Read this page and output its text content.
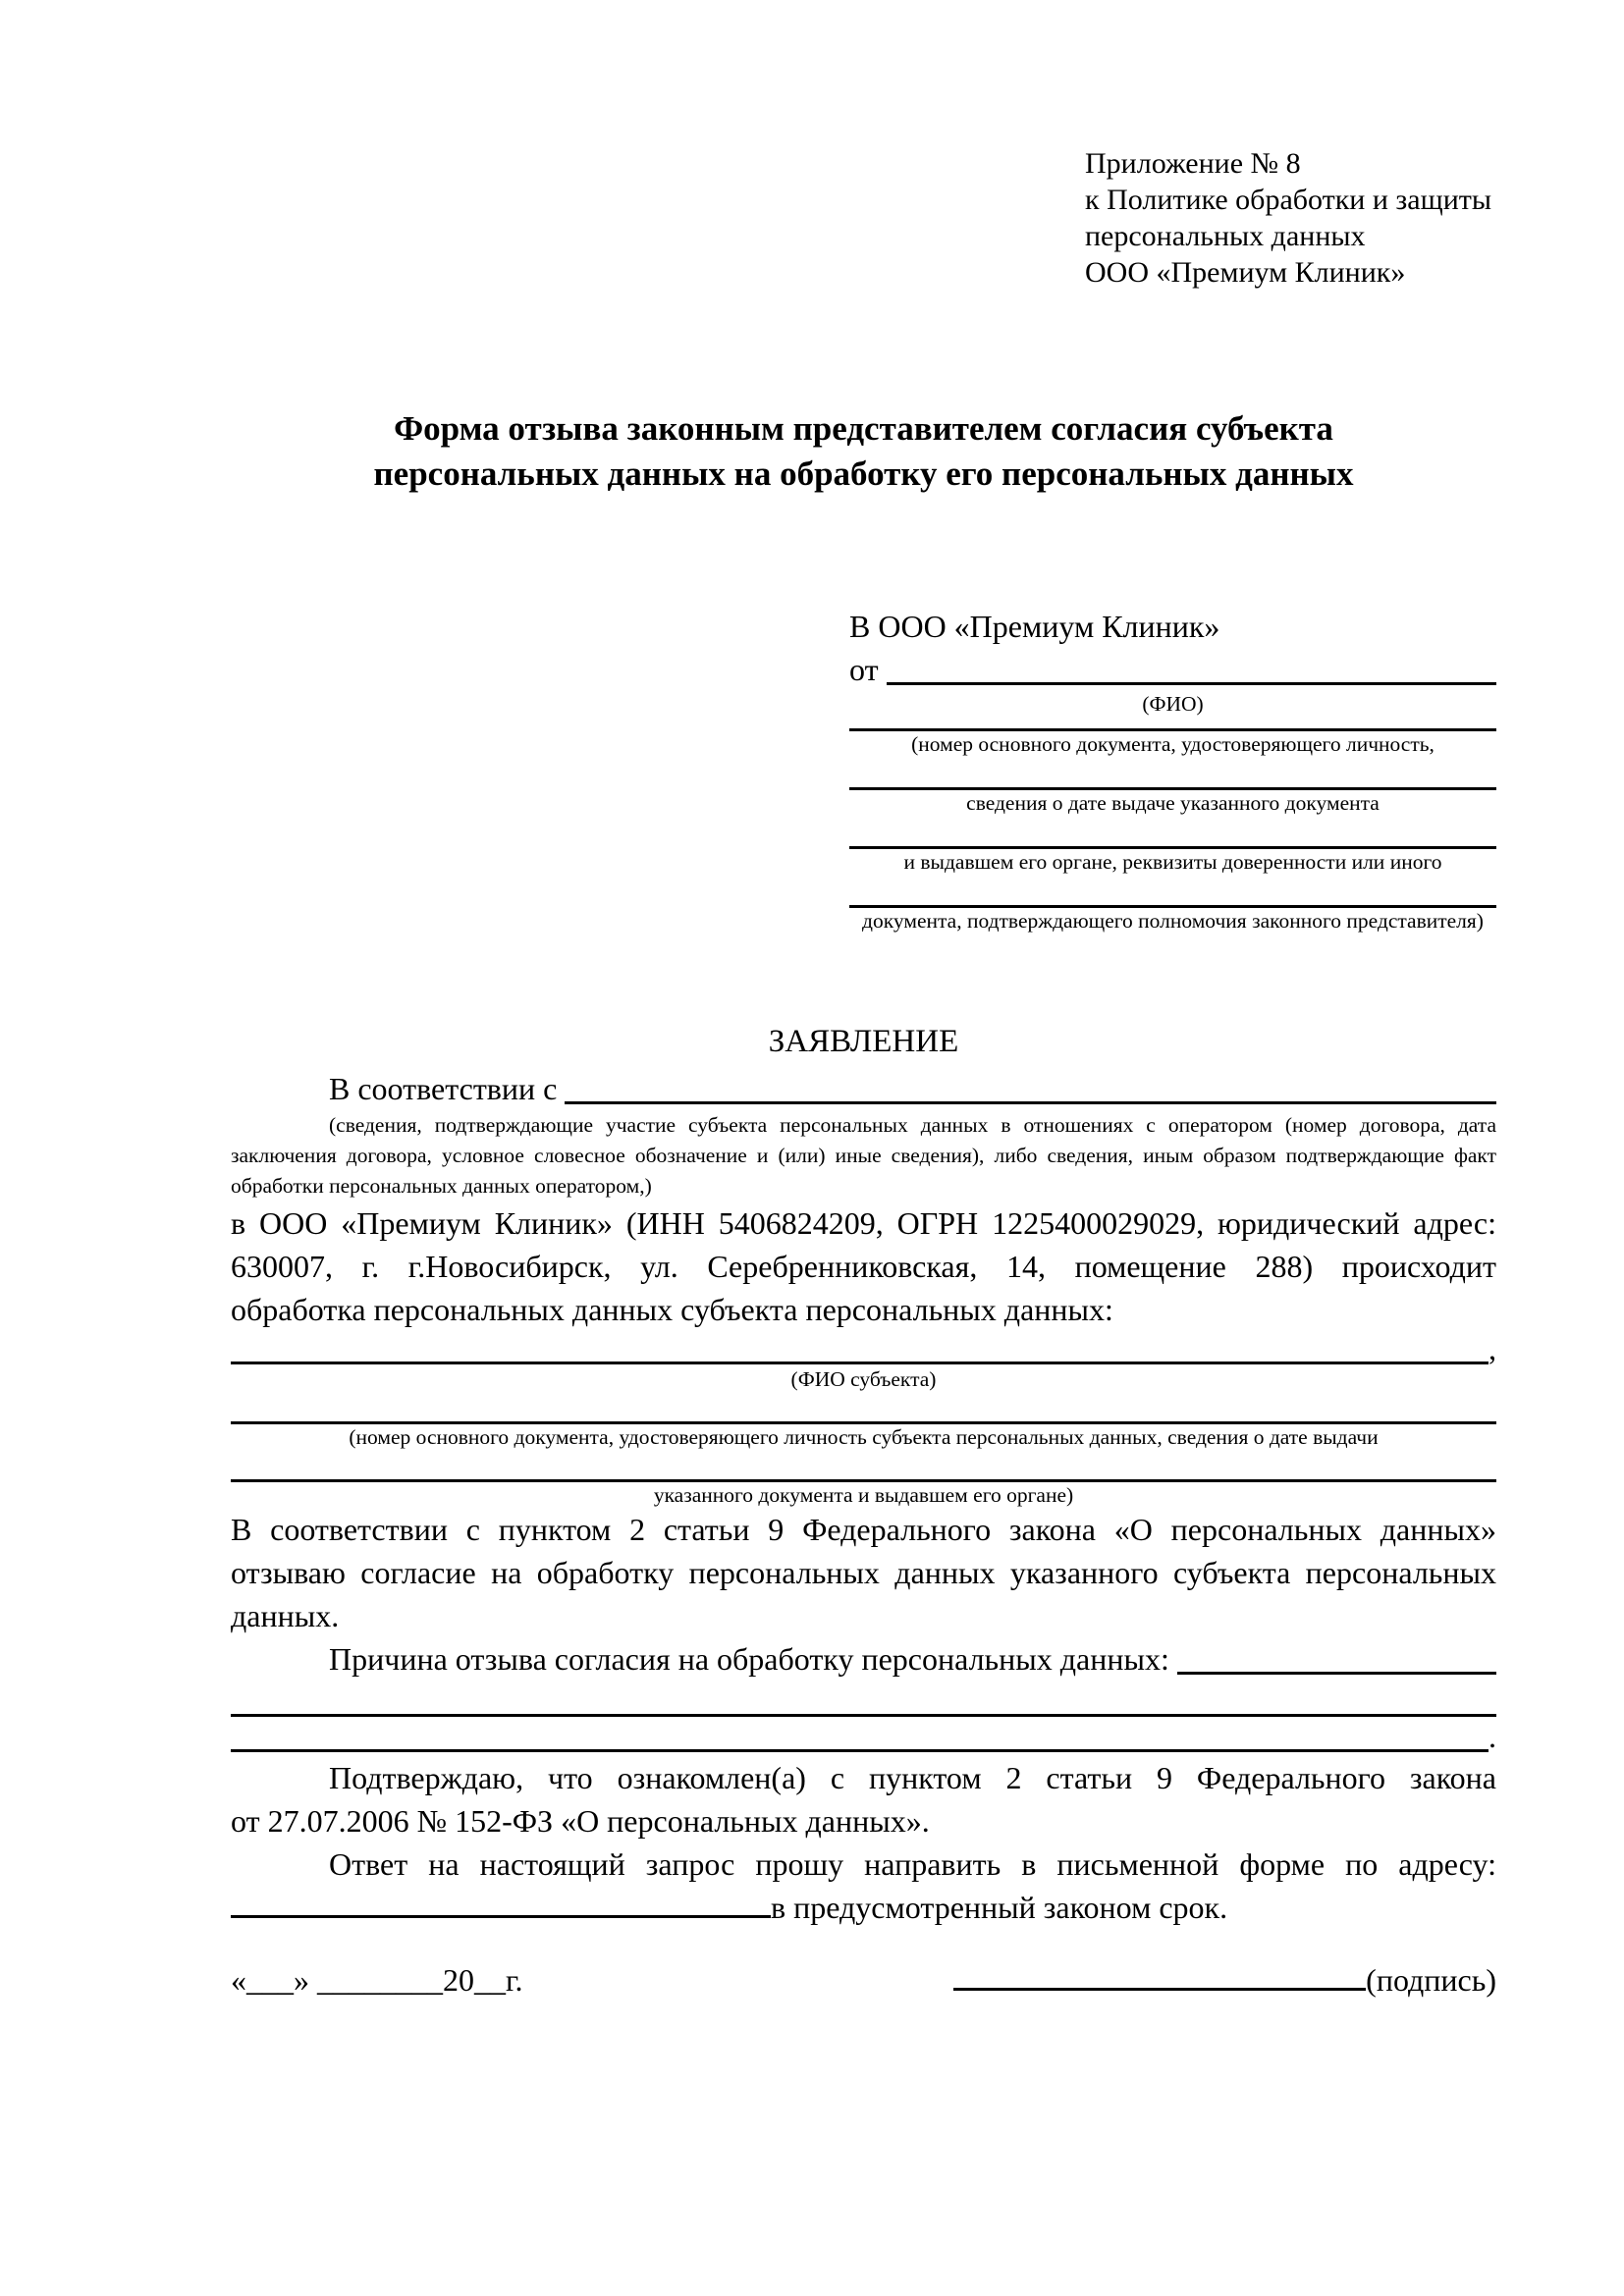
Приложение № 8
к Политике обработки и защиты
персональных данных
ООО «Премиум Клиник»
Форма отзыва законным представителем согласия субъекта
персональных данных на обработку его персональных данных
В ООО «Премиум Клиник»
от
(ФИО)
(номер основного документа, удостоверяющего личность,
сведения о дате выдаче указанного документа
и выдавшем его органе, реквизиты доверенности или иного
документа, подтверждающего полномочия законного представителя)
ЗАЯВЛЕНИЕ
В соответствии с
(сведения, подтверждающие участие субъекта персональных данных в отношениях с оператором (номер договора, дата
заключения договора, условное словесное обозначение и (или) иные сведения), либо сведения, иным образом подтверждающие факт
обработки персональных данных оператором,)
в ООО «Премиум Клиник» (ИНН 5406824209, ОГРН 1225400029029, юридический адрес:
630007, г. г.Новосибирск, ул. Серебренниковская, 14, помещение 288) происходит
обработка персональных данных субъекта персональных данных:
,
(ФИО субъекта)
(номер основного документа, удостоверяющего личность субъекта персональных данных, сведения о дате выдачи
указанного документа и выдавшем его органе)
В соответствии с пунктом 2 статьи 9 Федерального закона «О персональных данных»
отзываю согласие на обработку персональных данных указанного субъекта персональных
данных.
Причина отзыва согласия на обработку персональных данных:
.
Подтверждаю, что ознакомлен(а) с пунктом 2 статьи 9 Федерального закона
от 27.07.2006 № 152-ФЗ «О персональных данных».
Ответ на настоящий запрос прошу направить в письменной форме по адресу:
в предусмотренный законом срок.
«___» ________20__г.	(подпись)
